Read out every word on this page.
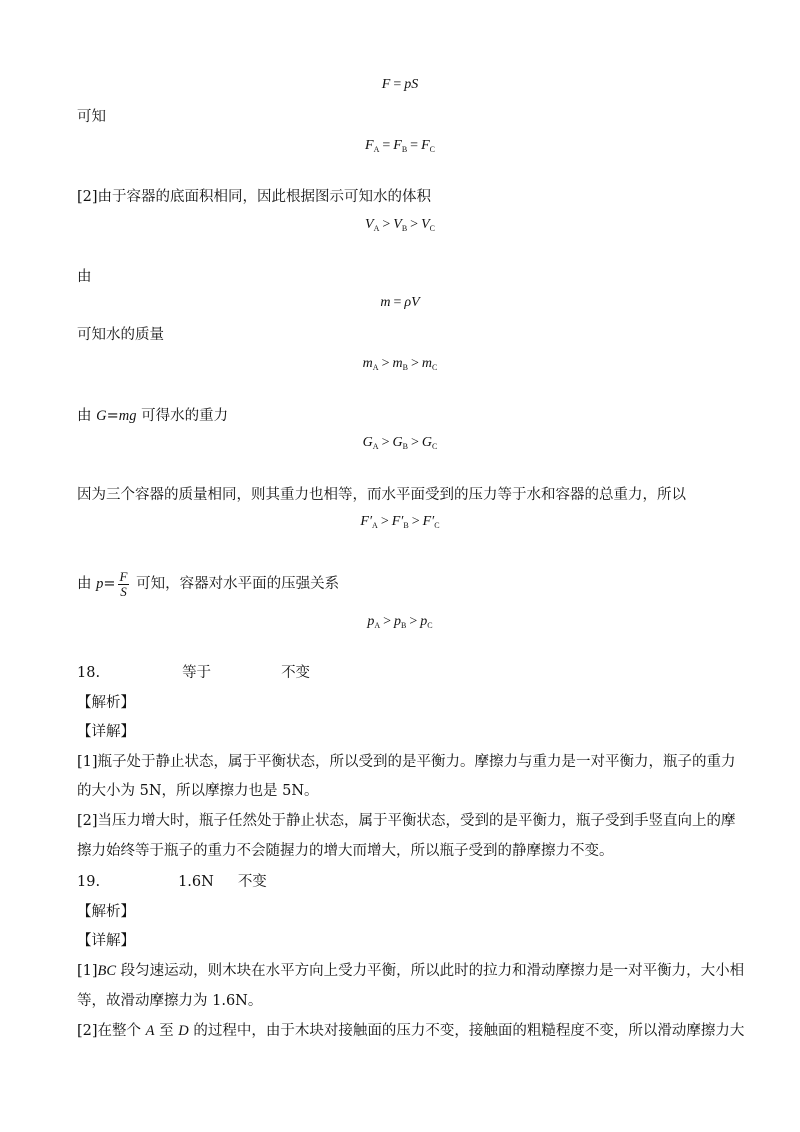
F = pS
可知
$F_A = F_B = F_C$
[2]由于容器的底面积相同，因此根据图示可知水的体积
$V_A > V_B > V_C$
由
m = ρV
可知水的质量
$m_A > m_B > m_C$
由 G=mg 可得水的重力
$G_A > G_B > G_C$
因为三个容器的质量相同，则其重力也相等，而水平面受到的压力等于水和容器的总重力，所以
$F'_A > F'_B > F'_C$
由 $p= \frac{F}{S}$ 可知，容器对水平面的压强关系
$p_A > p_B > p_C$
18.	等于	不变
【解析】
【详解】
[1]瓶子处于静止状态，属于平衡状态，所以受到的是平衡力。摩擦力与重力是一对平衡力，瓶子的重力
的大小为 5N，所以摩擦力也是 5N。
[2]当压力增大时，瓶子任然处于静止状态，属于平衡状态，受到的是平衡力，瓶子受到手竖直向上的摩
擦力始终等于瓶子的重力不会随握力的增大而增大，所以瓶子受到的静摩擦力不变。
19.	1.6N 不变
【解析】
【详解】
[1]BC 段匀速运动，则木块在水平方向上受力平衡，所以此时的拉力和滑动摩擦力是一对平衡力，大小相
等，故滑动摩擦力为 1.6N。
[2]在整个 A 至 D 的过程中，由于木块对接触面的压力不变，接触面的粗糙程度不变，所以滑动摩擦力大
